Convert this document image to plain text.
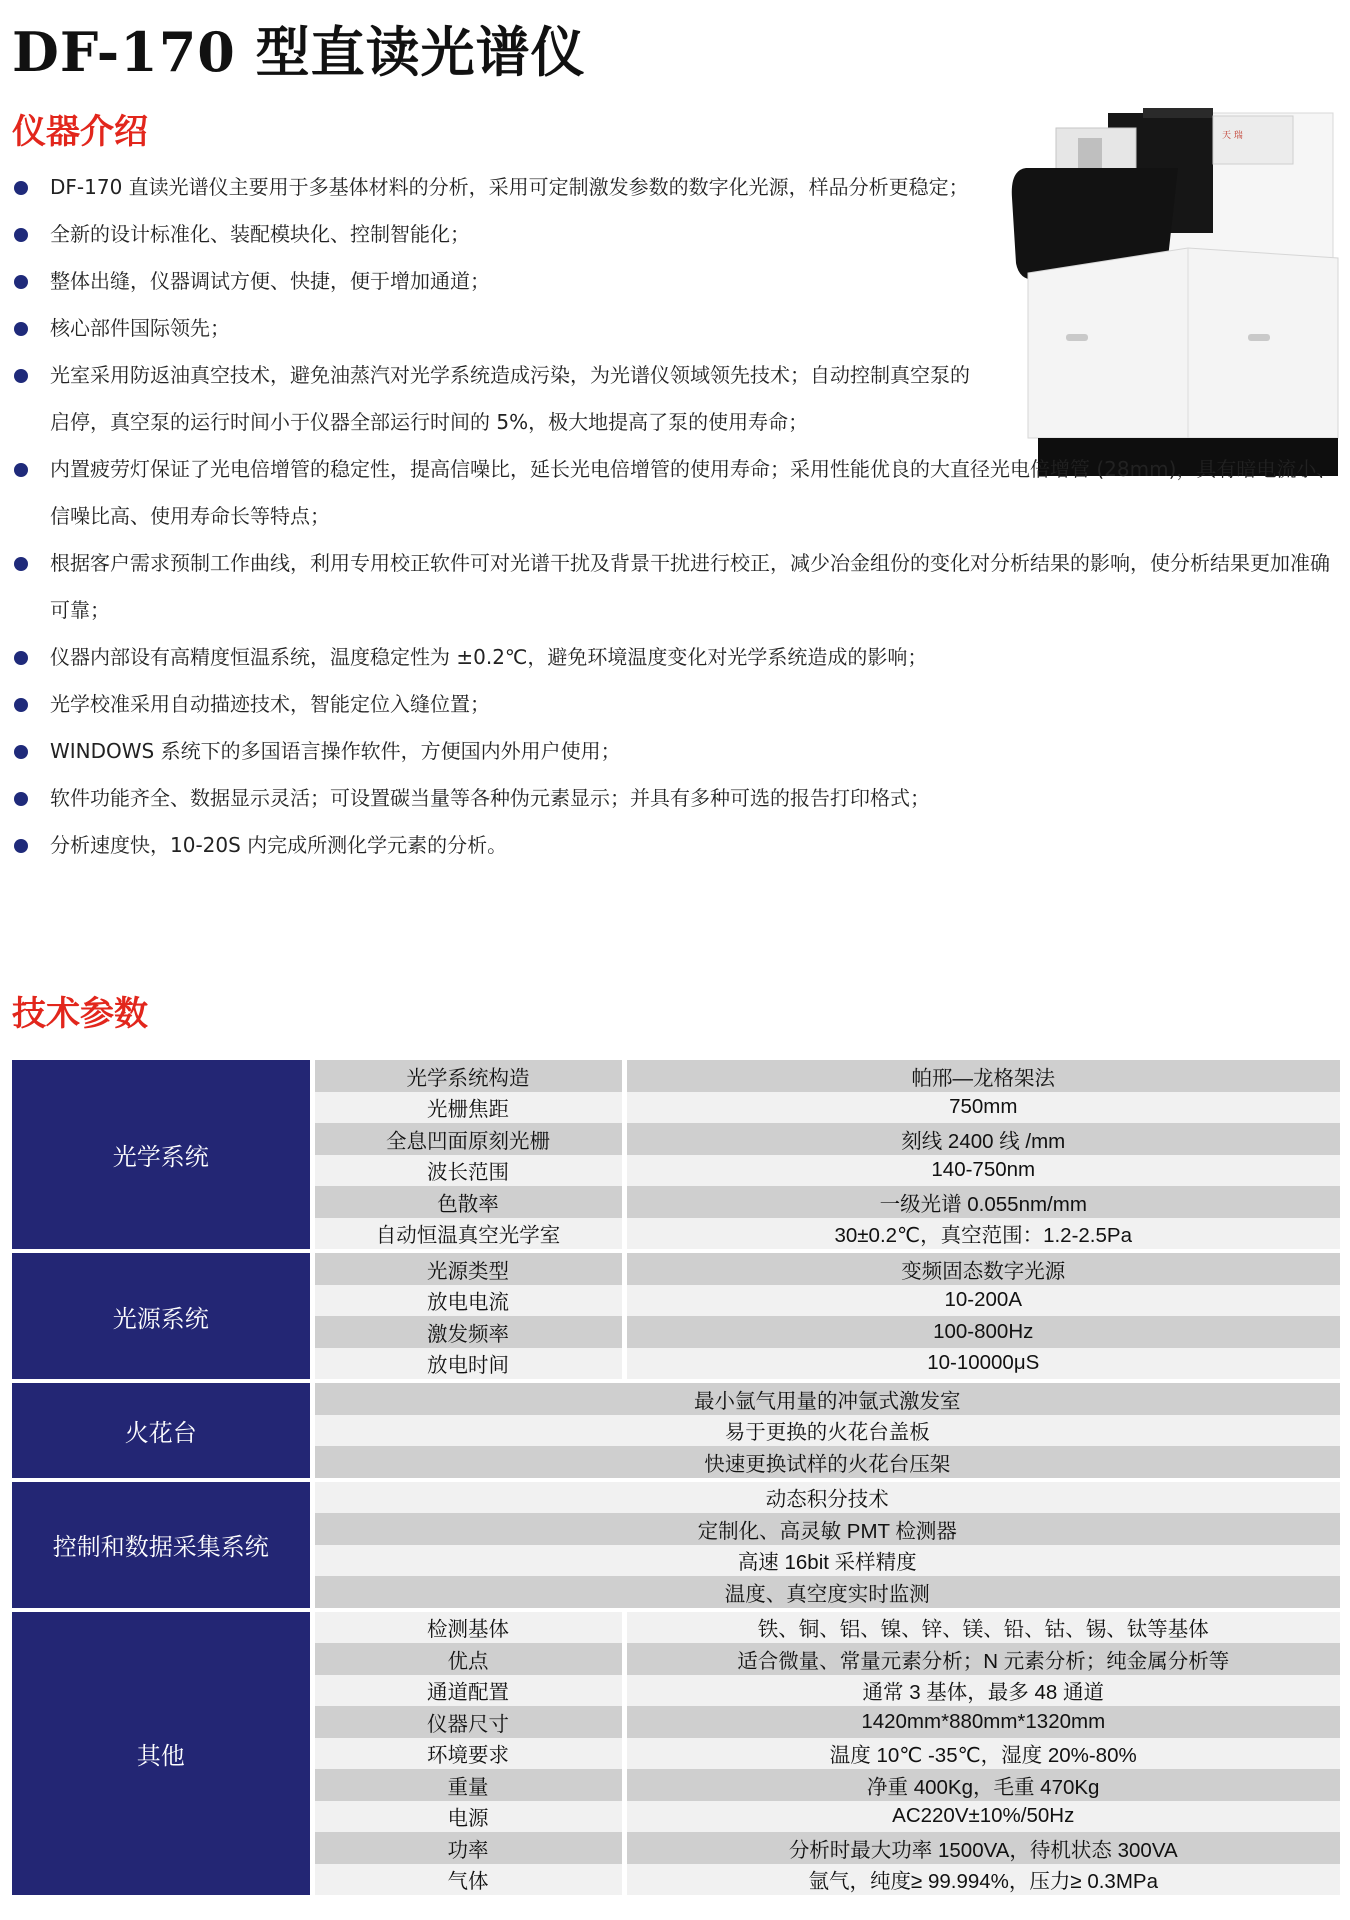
DF-170 型直读光谱仪
仪器介绍	天 瑞
DF-170 直读光谱仪主要用于多基体材料的分析，采用可定制激发参数的数字化光源，样品分析更稳定；
全新的设计标准化、装配模块化、控制智能化；
整体出缝，仪器调试方便、快捷，便于增加通道；
核心部件国际领先；
光室采用防返油真空技术，避免油蒸汽对光学系统造成污染，为光谱仪领域领先技术；自动控制真空泵的启停，真空泵的运行时间小于仪器全部运行时间的 5%，极大地提高了泵的使用寿命；
内置疲劳灯保证了光电倍增管的稳定性，提高信噪比，延长光电倍增管的使用寿命；采用性能优良的大直径光电倍增管 (28mm)，具有暗电流小、信噪比高、使用寿命长等特点；
根据客户需求预制工作曲线，利用专用校正软件可对光谱干扰及背景干扰进行校正，减少冶金组份的变化对分析结果的影响，使分析结果更加准确可靠；
仪器内部设有高精度恒温系统，温度稳定性为 ±0.2℃，避免环境温度变化对光学系统造成的影响；
光学校准采用自动描迹技术，智能定位入缝位置；
WINDOWS 系统下的多国语言操作软件，方便国内外用户使用；
软件功能齐全、数据显示灵活；可设置碳当量等各种伪元素显示；并具有多种可选的报告打印格式；
分析速度快，10-20S 内完成所测化学元素的分析。
技术参数
光学系统	光学系统构造	帕邢—龙格架法
	光栅焦距	750mm
	全息凹面原刻光栅	刻线 2400 线 /mm
	波长范围	140-750nm
	色散率	一级光谱 0.055nm/mm
	自动恒温真空光学室	30±0.2℃，真空范围：1.2-2.5Pa
光源系统	光源类型	变频固态数字光源
	放电电流	10-200A
	激发频率	100-800Hz
	放电时间	10-10000μS
火花台	最小氩气用量的冲氩式激发室	
	易于更换的火花台盖板	
	快速更换试样的火花台压架	
控制和数据采集系统	动态积分技术	
	定制化、高灵敏 PMT 检测器	
	高速 16bit 采样精度	
	温度、真空度实时监测	
其他	检测基体	铁、铜、铝、镍、锌、镁、铅、钴、锡、钛等基体
	优点	适合微量、常量元素分析；N 元素分析；纯金属分析等
	通道配置	通常 3 基体，最多 48 通道
	仪器尺寸	1420mm*880mm*1320mm
	环境要求	温度 10℃ -35℃，湿度 20%-80%
	重量	净重 400Kg，毛重 470Kg
	电源	AC220V±10%/50Hz
	功率	分析时最大功率 1500VA，待机状态 300VA
	气体	氩气，纯度≥ 99.994%，压力≥ 0.3MPa
